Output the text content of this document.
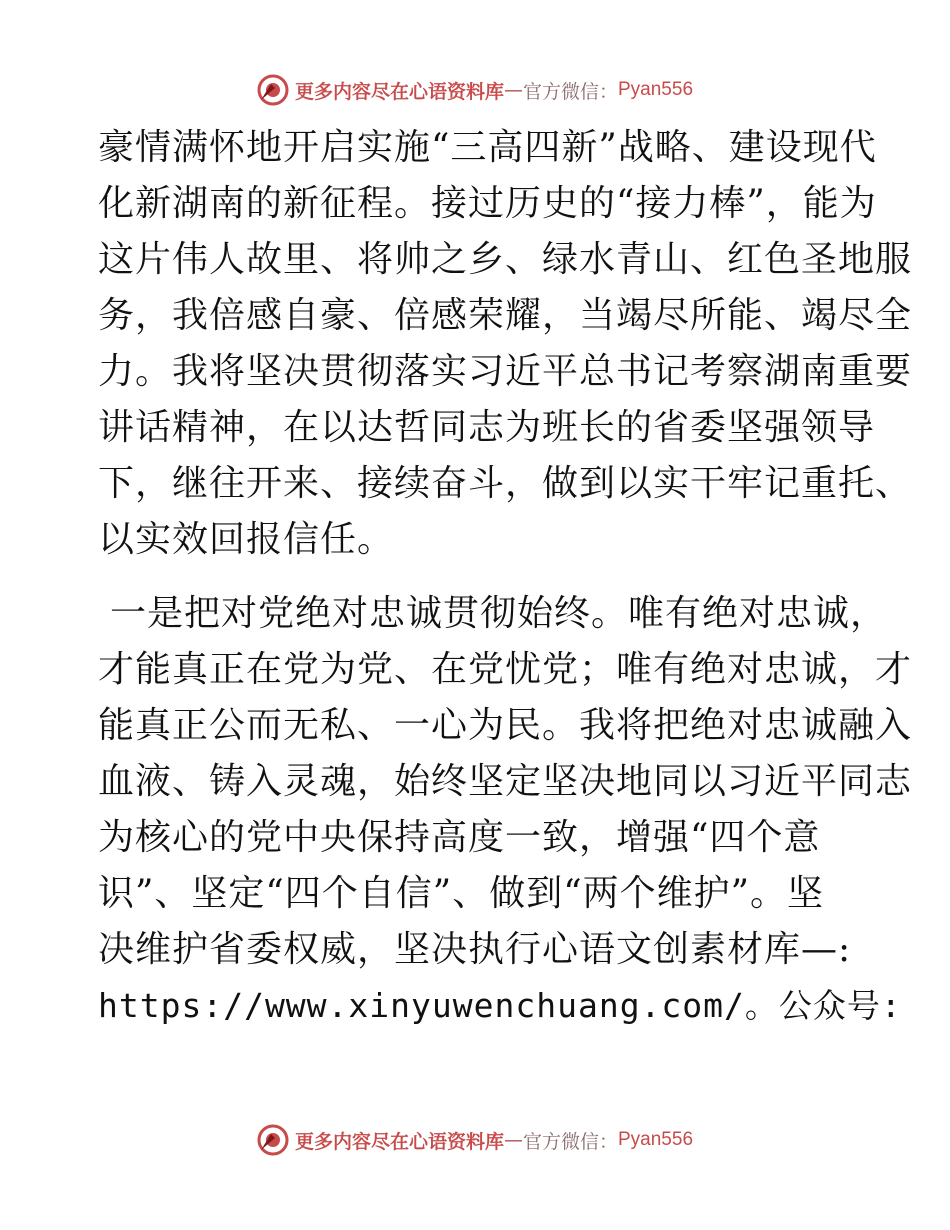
更多内容尽在心语资料库 — 官方微信： Pyan556
豪情满怀地开启实施“三高四新”战略、建设现代
化新湖南的新征程。接过历史的“接力棒”，能为
这片伟人故里、将帅之乡、绿水青山、红色圣地服
务，我倍感自豪、倍感荣耀，当竭尽所能、竭尽全
力。我将坚决贯彻落实习近平总书记考察湖南重要
讲话精神，在以达哲同志为班长的省委坚强领导
下，继往开来、接续奋斗，做到以实干牢记重托、
以实效回报信任。
一是把对党绝对忠诚贯彻始终。唯有绝对忠诚，
才能真正在党为党、在党忧党；唯有绝对忠诚，才
能真正公而无私、一心为民。我将把绝对忠诚融入
血液、铸入灵魂，始终坚定坚决地同以习近平同志
为核心的党中央保持高度一致，增强“四个意
识”、坚定“四个自信”、做到“两个维护”。坚
决维护省委权威，坚决执行心语文创素材库—:
https://www.xinyuwenchuang.com/。公众号:
更多内容尽在心语资料库 — 官方微信： Pyan556
